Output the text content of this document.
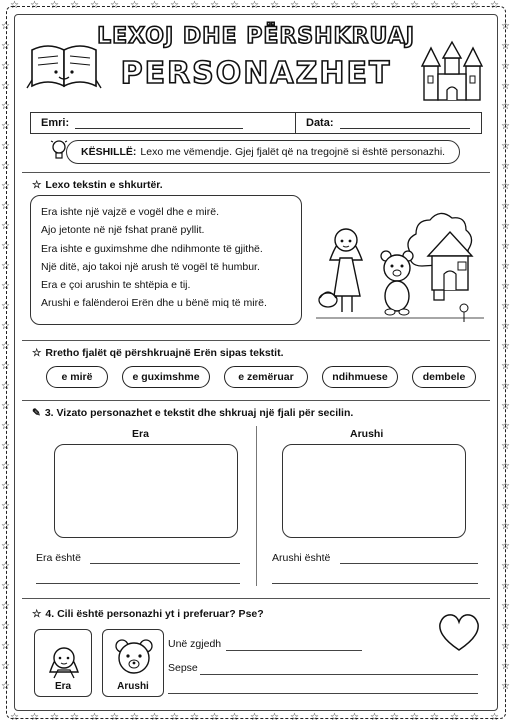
☆
☆
☆
☆
☆
☆
☆
☆
☆
☆
☆
☆
☆
☆
☆
☆
☆
☆
☆
☆
☆
☆
☆
☆
☆
☆
☆
☆
☆
☆
☆
☆
☆
☆
☆
☆
☆
☆
☆
☆
☆
☆
☆
☆
☆
☆
☆
☆
☆
☆
☆	☆
☆	☆
☆	☆
☆	☆
☆	☆
☆	☆
☆	☆
☆	☆
☆	☆
☆	☆
☆	☆
☆	☆
☆	☆
☆	☆
☆	☆
☆	☆
☆	☆
☆	☆
☆	☆
☆	☆
☆	☆
☆	☆
☆	☆
☆	☆
☆	☆
☆	☆
☆	☆
☆	☆
☆	☆
☆	☆
☆	☆
☆	☆
☆	☆
☆	☆
LEXOJ DHE PËRSHKRUAJ
PERSONAZHET
Emri:	Data:
KËSHILLË: Lexo me vëmendje. Gjej fjalët që na tregojnë si është personazhi.
☆ Lexo tekstin e shkurtër.
Era ishte një vajzë e vogël dhe e mirë.
Ajo jetonte në një fshat pranë pyllit.
Era ishte e guximshme dhe ndihmonte të gjithë.
Një ditë, ajo takoi një arush të vogël të humbur.
Era e çoi arushin te shtëpia e tij.
Arushi e falënderoi Erën dhe u bënë miq të mirë.
☆ Rretho fjalët që përshkruajnë Erën sipas tekstit.
e mirë	e guximshme	e zemëruar	ndihmuese	dembele
✎ 3. Vizato personazhet e tekstit dhe shkruaj një fjali për secilin.
Era	Arushi
Era është	Arushi është
☆ 4. Cili është personazhi yt i preferuar? Pse?
Era	Arushi
Unë zgjedh
Sepse
